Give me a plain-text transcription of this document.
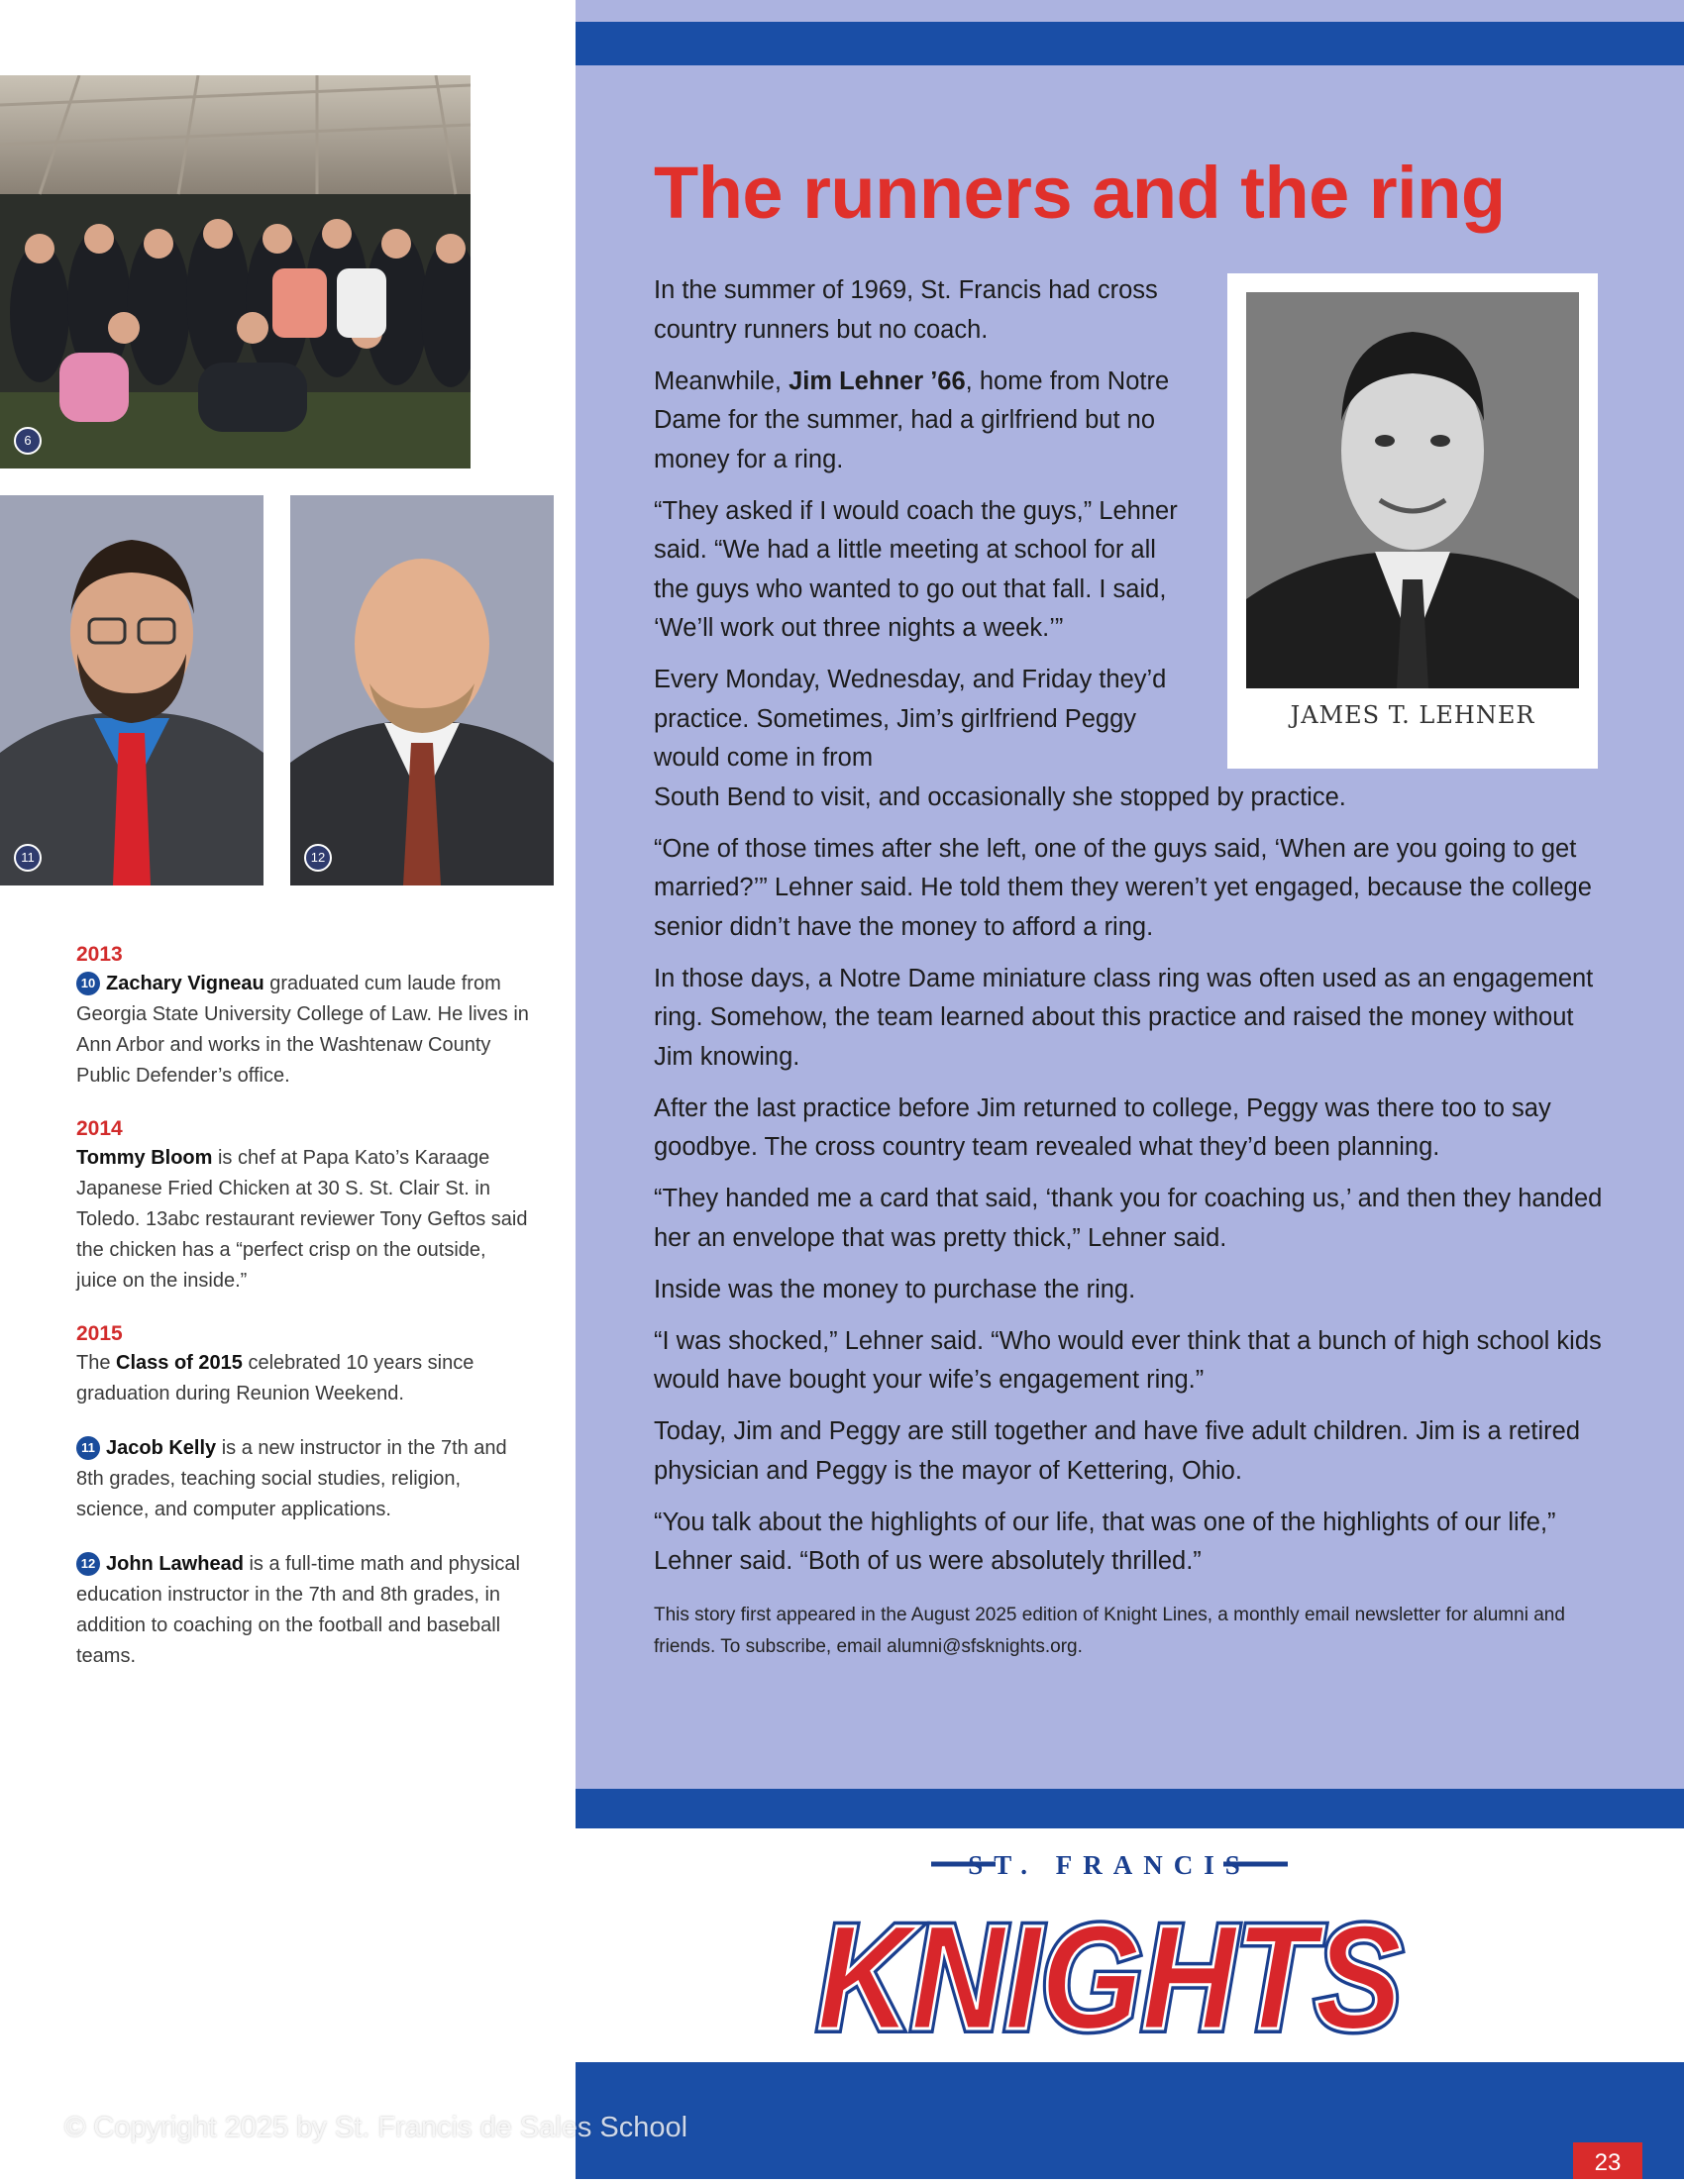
6
11	12
2013

10 Zachary Vigneau graduated cum laude from Georgia State University College of Law. He lives in Ann Arbor and works in the Washtenaw County Public Defender’s office.

2014

Tommy Bloom is chef at Papa Kato’s Karaage Japanese Fried Chicken at 30 S. St. Clair St. in Toledo. 13abc restaurant reviewer Tony Geftos said the chicken has a “perfect crisp on the outside, juice on the inside.”

2015

The Class of 2015 celebrated 10 years since graduation during Reunion Weekend.

11 Jacob Kelly is a new instructor in the 7th and 8th grades, teaching social studies, religion, science, and computer applications.

12 John Lawhead is a full-time math and physical education instructor in the 7th and 8th grades, in addition to coaching on the football and baseball teams.

The runners and the ring
JAMES T. LEHNER

In the summer of 1969, St. Francis had cross country runners but no coach.

Meanwhile, Jim Lehner ’66, home from Notre Dame for the summer, had a girlfriend but no money for a ring.

“They asked if I would coach the guys,” Lehner said. “We had a little meeting at school for all the guys who wanted to go out that fall. I said, ‘We’ll work out three nights a week.’”

Every Monday, Wednesday, and Friday they’d practice. Sometimes, Jim’s girlfriend Peggy would come in from

South Bend to visit, and occasionally she stopped by practice.

“One of those times after she left, one of the guys said, ‘When are you going to get married?’” Lehner said. He told them they weren’t yet engaged, because the college senior didn’t have the money to afford a ring.

In those days, a Notre Dame miniature class ring was often used as an engagement ring. Somehow, the team learned about this practice and raised the money without Jim knowing.

After the last practice before Jim returned to college, Peggy was there too to say goodbye. The cross country team revealed what they’d been planning.

“They handed me a card that said, ‘thank you for coaching us,’ and then they handed her an envelope that was pretty thick,” Lehner said.

Inside was the money to purchase the ring.

“I was shocked,” Lehner said. “Who would ever think that a bunch of high school kids would have bought your wife’s engagement ring.”

Today, Jim and Peggy are still together and have five adult children. Jim is a retired physician and Peggy is the mayor of Kettering, Ohio.

“You talk about the highlights of our life, that was one of the highlights of our life,” Lehner said. “Both of us were absolutely thrilled.”

This story first appeared in the August 2025 edition of Knight Lines, a monthly email newsletter for alumni and friends. To subscribe, email alumni@sfsknights.org.

ST. FRANCIS
KNIGHTS
KNIGHTS
23
© Copyright 2025 by St. Francis de Sales School
